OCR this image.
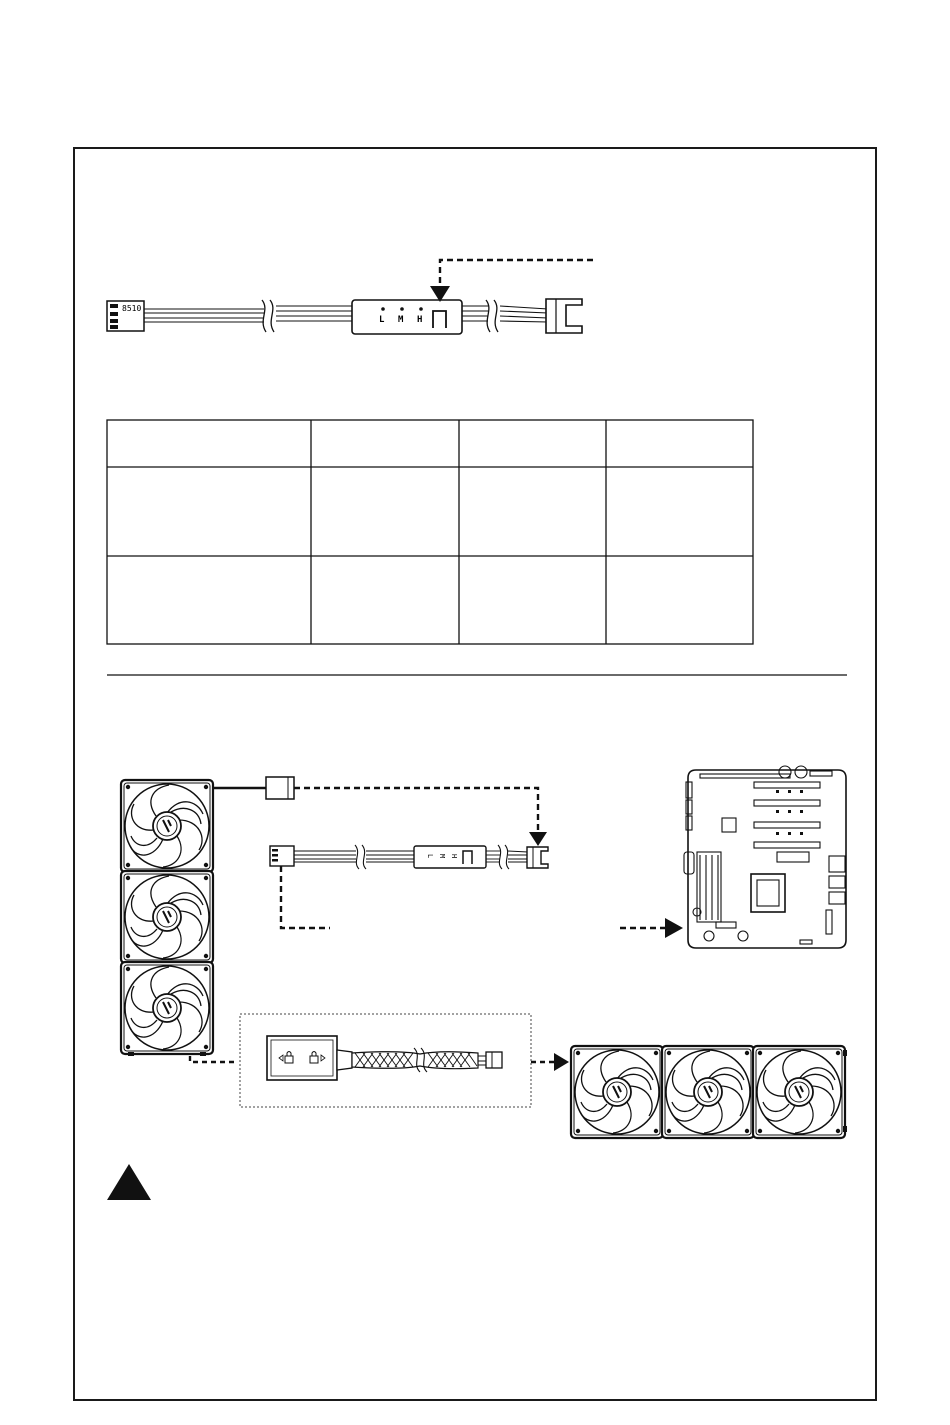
8510
L M H
L M H
